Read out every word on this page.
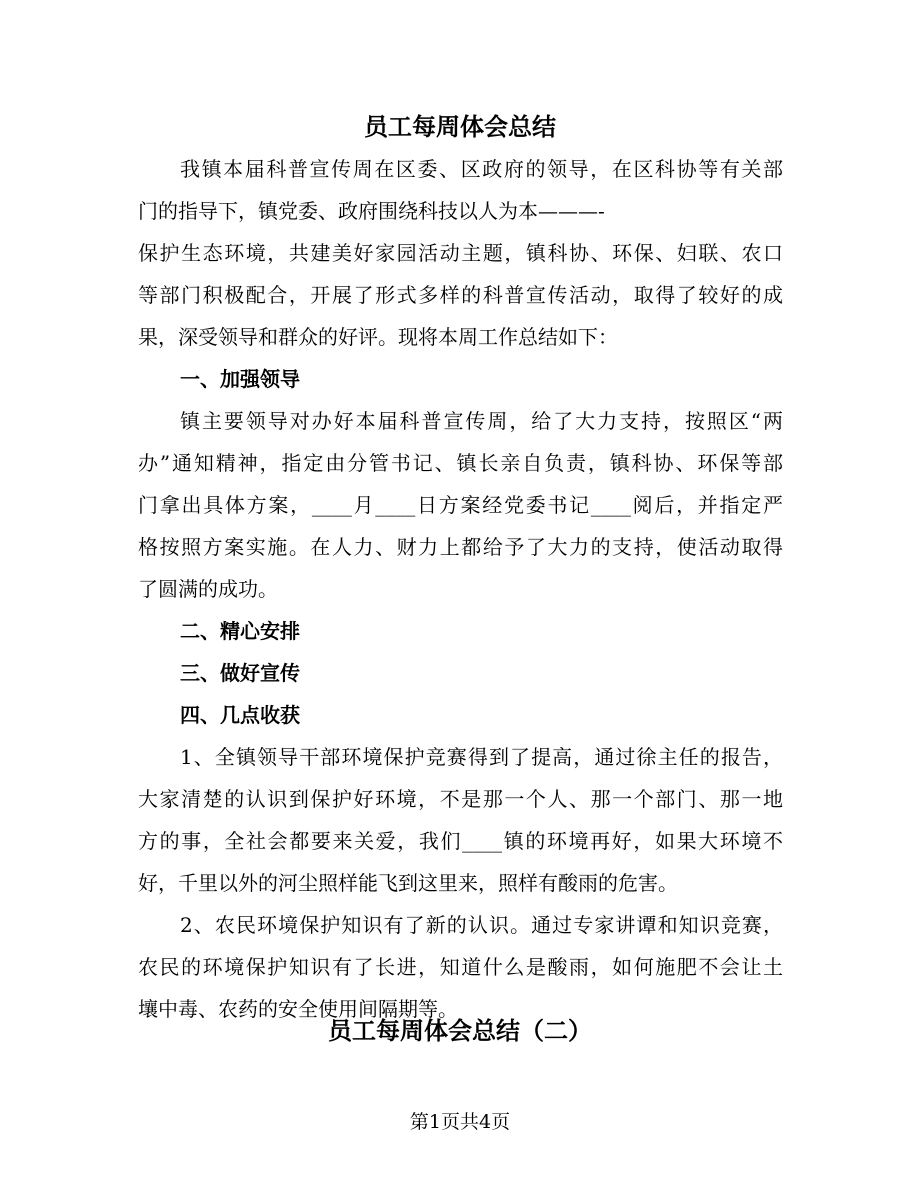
员工每周体会总结
我镇本届科普宣传周在区委、区政府的领导，在区科协等有关部
门的指导下，镇党委、政府围绕科技以人为本———-
保护生态环境，共建美好家园活动主题，镇科协、环保、妇联、农口
等部门积极配合，开展了形式多样的科普宣传活动，取得了较好的成
果，深受领导和群众的好评。现将本周工作总结如下：
一、加强领导
镇主要领导对办好本届科普宣传周，给了大力支持，按照区“两
办”通知精神，指定由分管书记、镇长亲自负责，镇科协、环保等部
门拿出具体方案，____月____日方案经党委书记____阅后，并指定严
格按照方案实施。在人力、财力上都给予了大力的支持，使活动取得
了圆满的成功。
二、精心安排
三、做好宣传
四、几点收获
1、全镇领导干部环境保护竞赛得到了提高，通过徐主任的报告，
大家清楚的认识到保护好环境，不是那一个人、那一个部门、那一地
方的事，全社会都要来关爱，我们____镇的环境再好，如果大环境不
好，千里以外的河尘照样能飞到这里来，照样有酸雨的危害。
2、农民环境保护知识有了新的认识。通过专家讲谭和知识竞赛，
农民的环境保护知识有了长进，知道什么是酸雨，如何施肥不会让土
壤中毒、农药的安全使用间隔期等。
员工每周体会总结（二）
第1页共4页
